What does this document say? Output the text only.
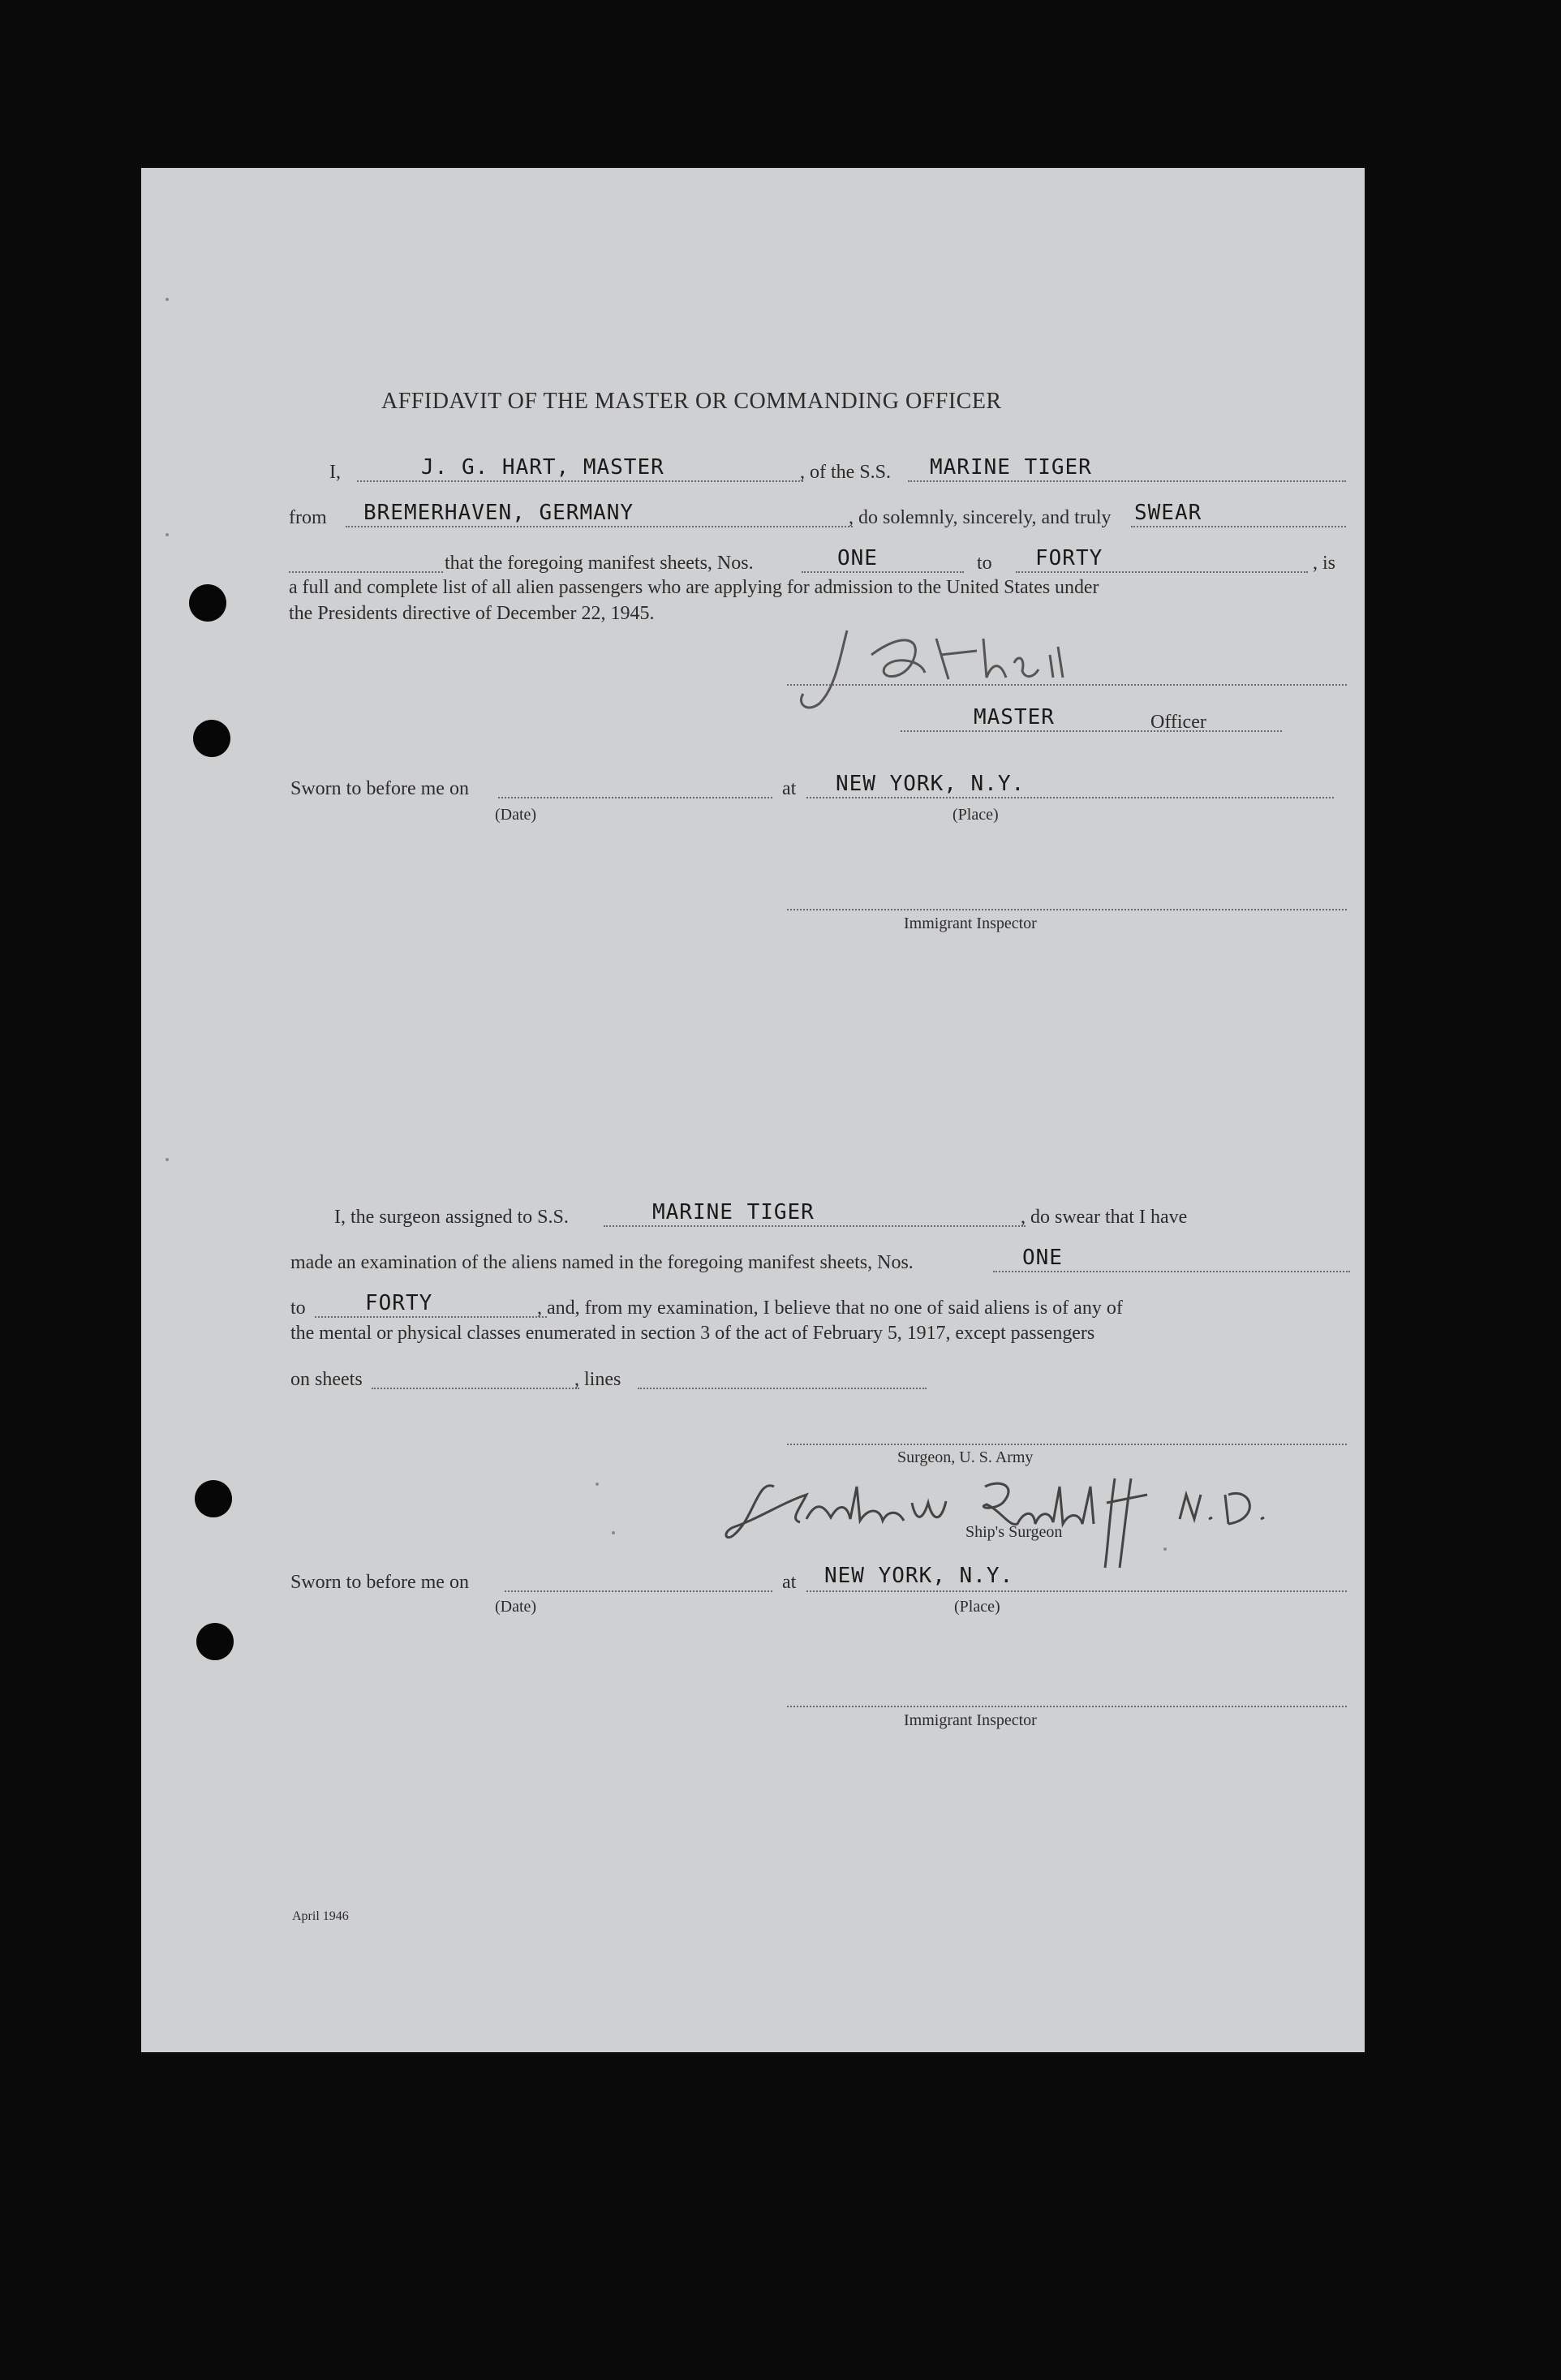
AFFIDAVIT OF THE MASTER OR COMMANDING OFFICER
I,	J. G. HART, MASTER	, of the S.S. MARINE TIGER
from BREMERHAVEN, GERMANY	, do solemnly, sincerely, and truly SWEAR
that the foregoing manifest sheets, Nos.	ONE	to FORTY	, is
a full and complete list of all alien passengers who are applying for admission to the United States under
the Presidents directive of December 22, 1945.
MASTER	Officer
Sworn to before me on
(Date)
at NEW YORK, N.Y.
(Place)
Immigrant Inspector
I, the surgeon assigned to S.S.	MARINE TIGER	, do swear that I have
made an examination of the aliens named in the foregoing manifest sheets, Nos.	ONE
to	FORTY	, and, from my examination, I believe that no one of said aliens is of any of
the mental or physical classes enumerated in section 3 of the act of February 5, 1917, except passengers
on sheets	, lines
Surgeon, U. S. Army
Ship's Surgeon
Sworn to before me on
(Date)
at NEW YORK, N.Y.
(Place)
Immigrant Inspector
April 1946
